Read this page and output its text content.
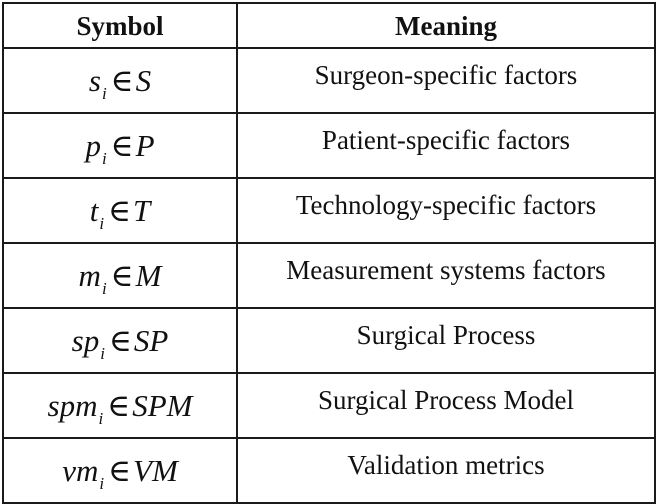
Symbol	Meaning
$s_i$ ∈S	Surgeon-specific factors
$p_i$ ∈P	Patient-specific factors
$t_i$ ∈T	Technology-specific factors
$m_i$ ∈M	Measurement systems factors
$sp_i$ ∈SP	Surgical Process
spm$_i$ ∈SPM	Surgical Process Model
$vm_i$ ∈VM	Validation metrics
